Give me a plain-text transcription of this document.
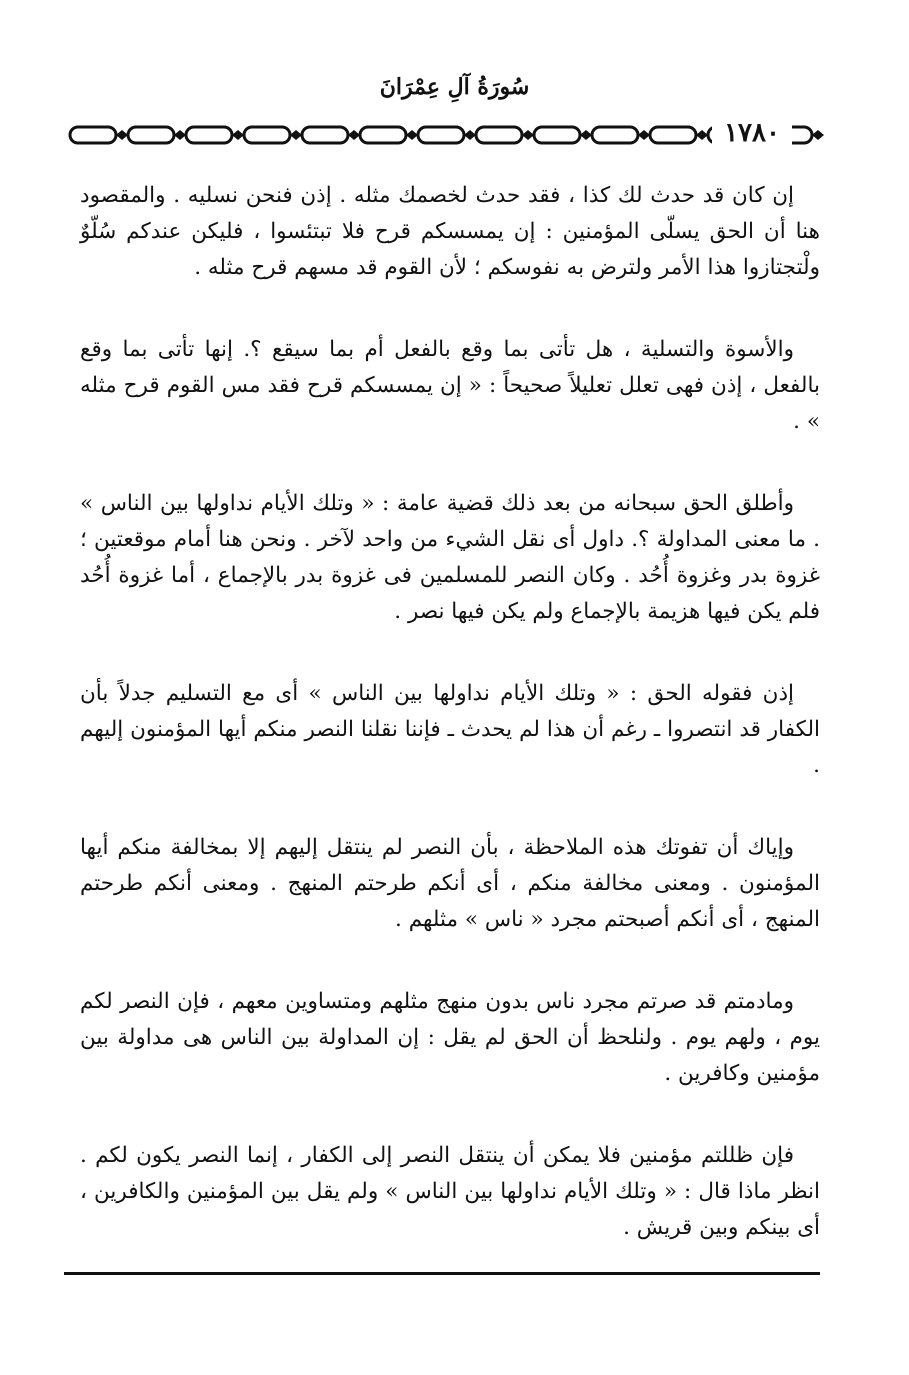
سُورَةُ آلِ عِمْرَانَ
١٧٨٠

إن كان قد حدث لك كذا ، فقد حدث لخصمك مثله . إذن فنحن نسليه . والمقصود هنا أن الحق يسلّى المؤمنين : إن يمسسكم قرح فلا تبتئسوا ، فليكن عندكم سُلّوٌ ولْتجتازوا هذا الأمر ولترض به نفوسكم ؛ لأن القوم قد مسهم قرح مثله .

والأسوة والتسلية ، هل تأتى بما وقع بالفعل أم بما سيقع ؟. إنها تأتى بما وقع بالفعل ، إذن فهى تعلل تعليلاً صحيحاً : « إن يمسسكم قرح فقد مس القوم قرح مثله » .

وأطلق الحق سبحانه من بعد ذلك قضية عامة : « وتلك الأيام نداولها بين الناس » . ما معنى المداولة ؟. داول أى نقل الشيء من واحد لآخر . ونحن هنا أمام موقعتين ؛ غزوة بدر وغزوة أُحُد . وكان النصر للمسلمين فى غزوة بدر بالإجماع ، أما غزوة أُحُد فلم يكن فيها هزيمة بالإجماع ولم يكن فيها نصر .

إذن فقوله الحق : « وتلك الأيام نداولها بين الناس » أى مع التسليم جدلاً بأن الكفار قد انتصروا ـ رغم أن هذا لم يحدث ـ فإننا نقلنا النصر منكم أيها المؤمنون إليهم .

وإياك أن تفوتك هذه الملاحظة ، بأن النصر لم ينتقل إليهم إلا بمخالفة منكم أيها المؤمنون . ومعنى مخالفة منكم ، أى أنكم طرحتم المنهج . ومعنى أنكم طرحتم المنهج ، أى أنكم أصبحتم مجرد « ناس » مثلهم .

ومادمتم قد صرتم مجرد ناس بدون منهج مثلهم ومتساوين معهم ، فإن النصر لكم يوم ، ولهم يوم . ولنلحظ أن الحق لم يقل : إن المداولة بين الناس هى مداولة بين مؤمنين وكافرين .

فإن ظللتم مؤمنين فلا يمكن أن ينتقل النصر إلى الكفار ، إنما النصر يكون لكم . انظر ماذا قال : « وتلك الأيام نداولها بين الناس » ولم يقل بين المؤمنين والكافرين ، أى بينكم وبين قريش .
